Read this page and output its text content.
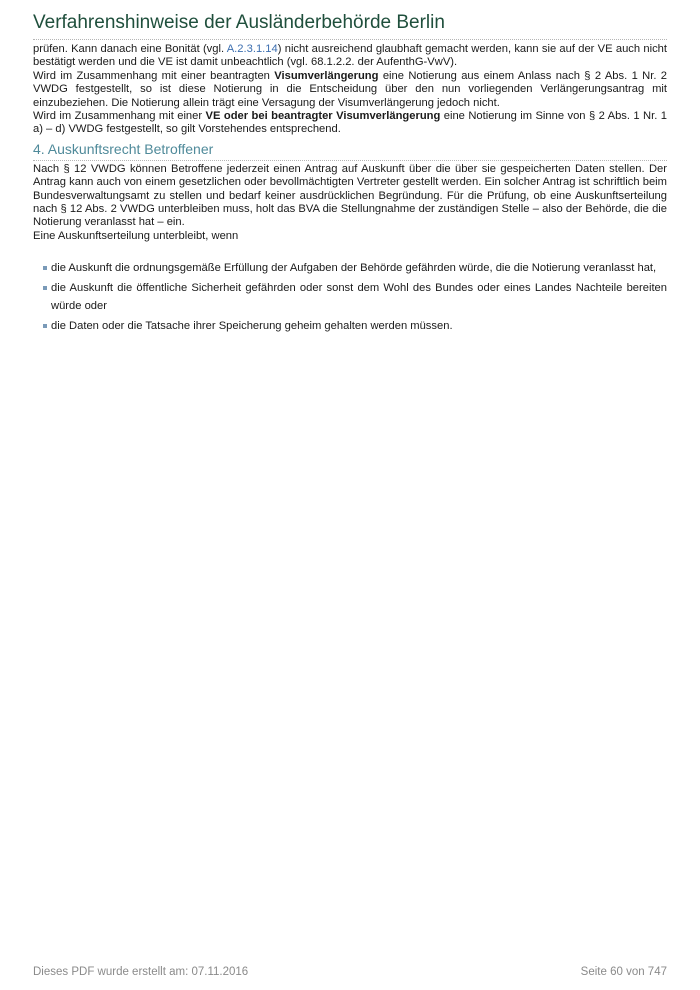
Verfahrenshinweise der Ausländerbehörde Berlin

prüfen. Kann danach eine Bonität (vgl. A.2.3.1.14) nicht ausreichend glaubhaft gemacht werden, kann sie auf der VE auch nicht bestätigt werden und die VE ist damit unbeachtlich (vgl. 68.1.2.2. der AufenthG-VwV).

Wird im Zusammenhang mit einer beantragten Visumverlängerung eine Notierung aus einem Anlass nach § 2 Abs. 1 Nr. 2 VWDG festgestellt, so ist diese Notierung in die Entscheidung über den nun vorliegenden Verlängerungsantrag mit einzubeziehen. Die Notierung allein trägt eine Versagung der Visumverlängerung jedoch nicht.

Wird im Zusammenhang mit einer VE oder bei beantragter Visumverlängerung eine Notierung im Sinne von § 2 Abs. 1 Nr. 1 a) – d) VWDG festgestellt, so gilt Vorstehendes entsprechend.

4. Auskunftsrecht Betroffener

Nach § 12 VWDG können Betroffene jederzeit einen Antrag auf Auskunft über die über sie gespeicherten Daten stellen. Der Antrag kann auch von einem gesetzlichen oder bevollmächtigten Vertreter gestellt werden. Ein solcher Antrag ist schriftlich beim Bundesverwaltungsamt zu stellen und bedarf keiner ausdrücklichen Begründung. Für die Prüfung, ob eine Auskunftserteilung nach § 12 Abs. 2 VWDG unterbleiben muss, holt das BVA die Stellungnahme der zuständigen Stelle – also der Behörde, die die Notierung veranlasst hat – ein.

Eine Auskunftserteilung unterbleibt, wenn

die Auskunft die ordnungsgemäße Erfüllung der Aufgaben der Behörde gefährden würde, die die Notierung veranlasst hat,
die Auskunft die öffentliche Sicherheit gefährden oder sonst dem Wohl des Bundes oder eines Landes Nachteile bereiten würde oder
die Daten oder die Tatsache ihrer Speicherung geheim gehalten werden müssen.
Dieses PDF wurde erstellt am: 07.11.2016	Seite 60 von 747
